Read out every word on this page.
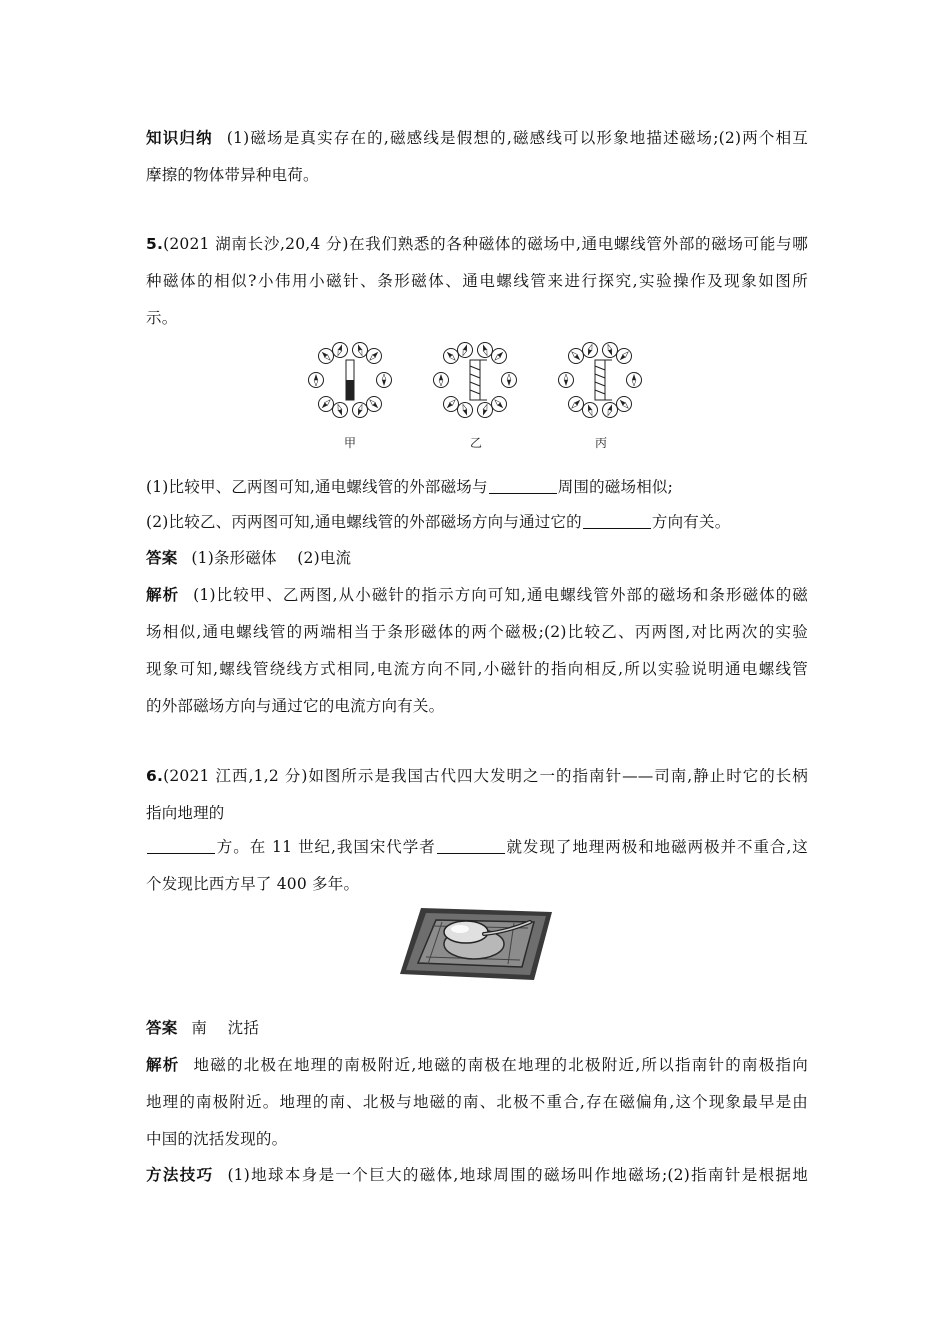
知识归纳 (1)磁场是真实存在的,磁感线是假想的,磁感线可以形象地描述磁场;(2)两个相互
摩擦的物体带异种电荷。
5.(2021 湖南长沙,20,4 分)在我们熟悉的各种磁体的磁场中,通电螺线管外部的磁场可能与哪
种磁体的相似?小伟用小磁针、条形磁体、通电螺线管来进行探究,实验操作及现象如图所
示。
甲	乙	丙
(1)比较甲、乙两图可知,通电螺线管的外部磁场与	周围的磁场相似;
(2)比较乙、丙两图可知,通电螺线管的外部磁场方向与通过它的	方向有关。
答案 (1)条形磁体    (2)电流
解析 (1)比较甲、乙两图,从小磁针的指示方向可知,通电螺线管外部的磁场和条形磁体的磁
场相似,通电螺线管的两端相当于条形磁体的两个磁极;(2)比较乙、丙两图,对比两次的实验
现象可知,螺线管绕线方式相同,电流方向不同,小磁针的指向相反,所以实验说明通电螺线管
的外部磁场方向与通过它的电流方向有关。
6.(2021 江西,1,2 分)如图所示是我国古代四大发明之一的指南针——司南,静止时它的长柄
指向地理的
方。在 11 世纪,我国宋代学者	就发现了地理两极和地磁两极并不重合,这
个发现比西方早了 400 多年。
答案 南    沈括
解析 地磁的北极在地理的南极附近,地磁的南极在地理的北极附近,所以指南针的南极指向
地理的南极附近。地理的南、北极与地磁的南、北极不重合,存在磁偏角,这个现象最早是由
中国的沈括发现的。
方法技巧 (1)地球本身是一个巨大的磁体,地球周围的磁场叫作地磁场;(2)指南针是根据地
